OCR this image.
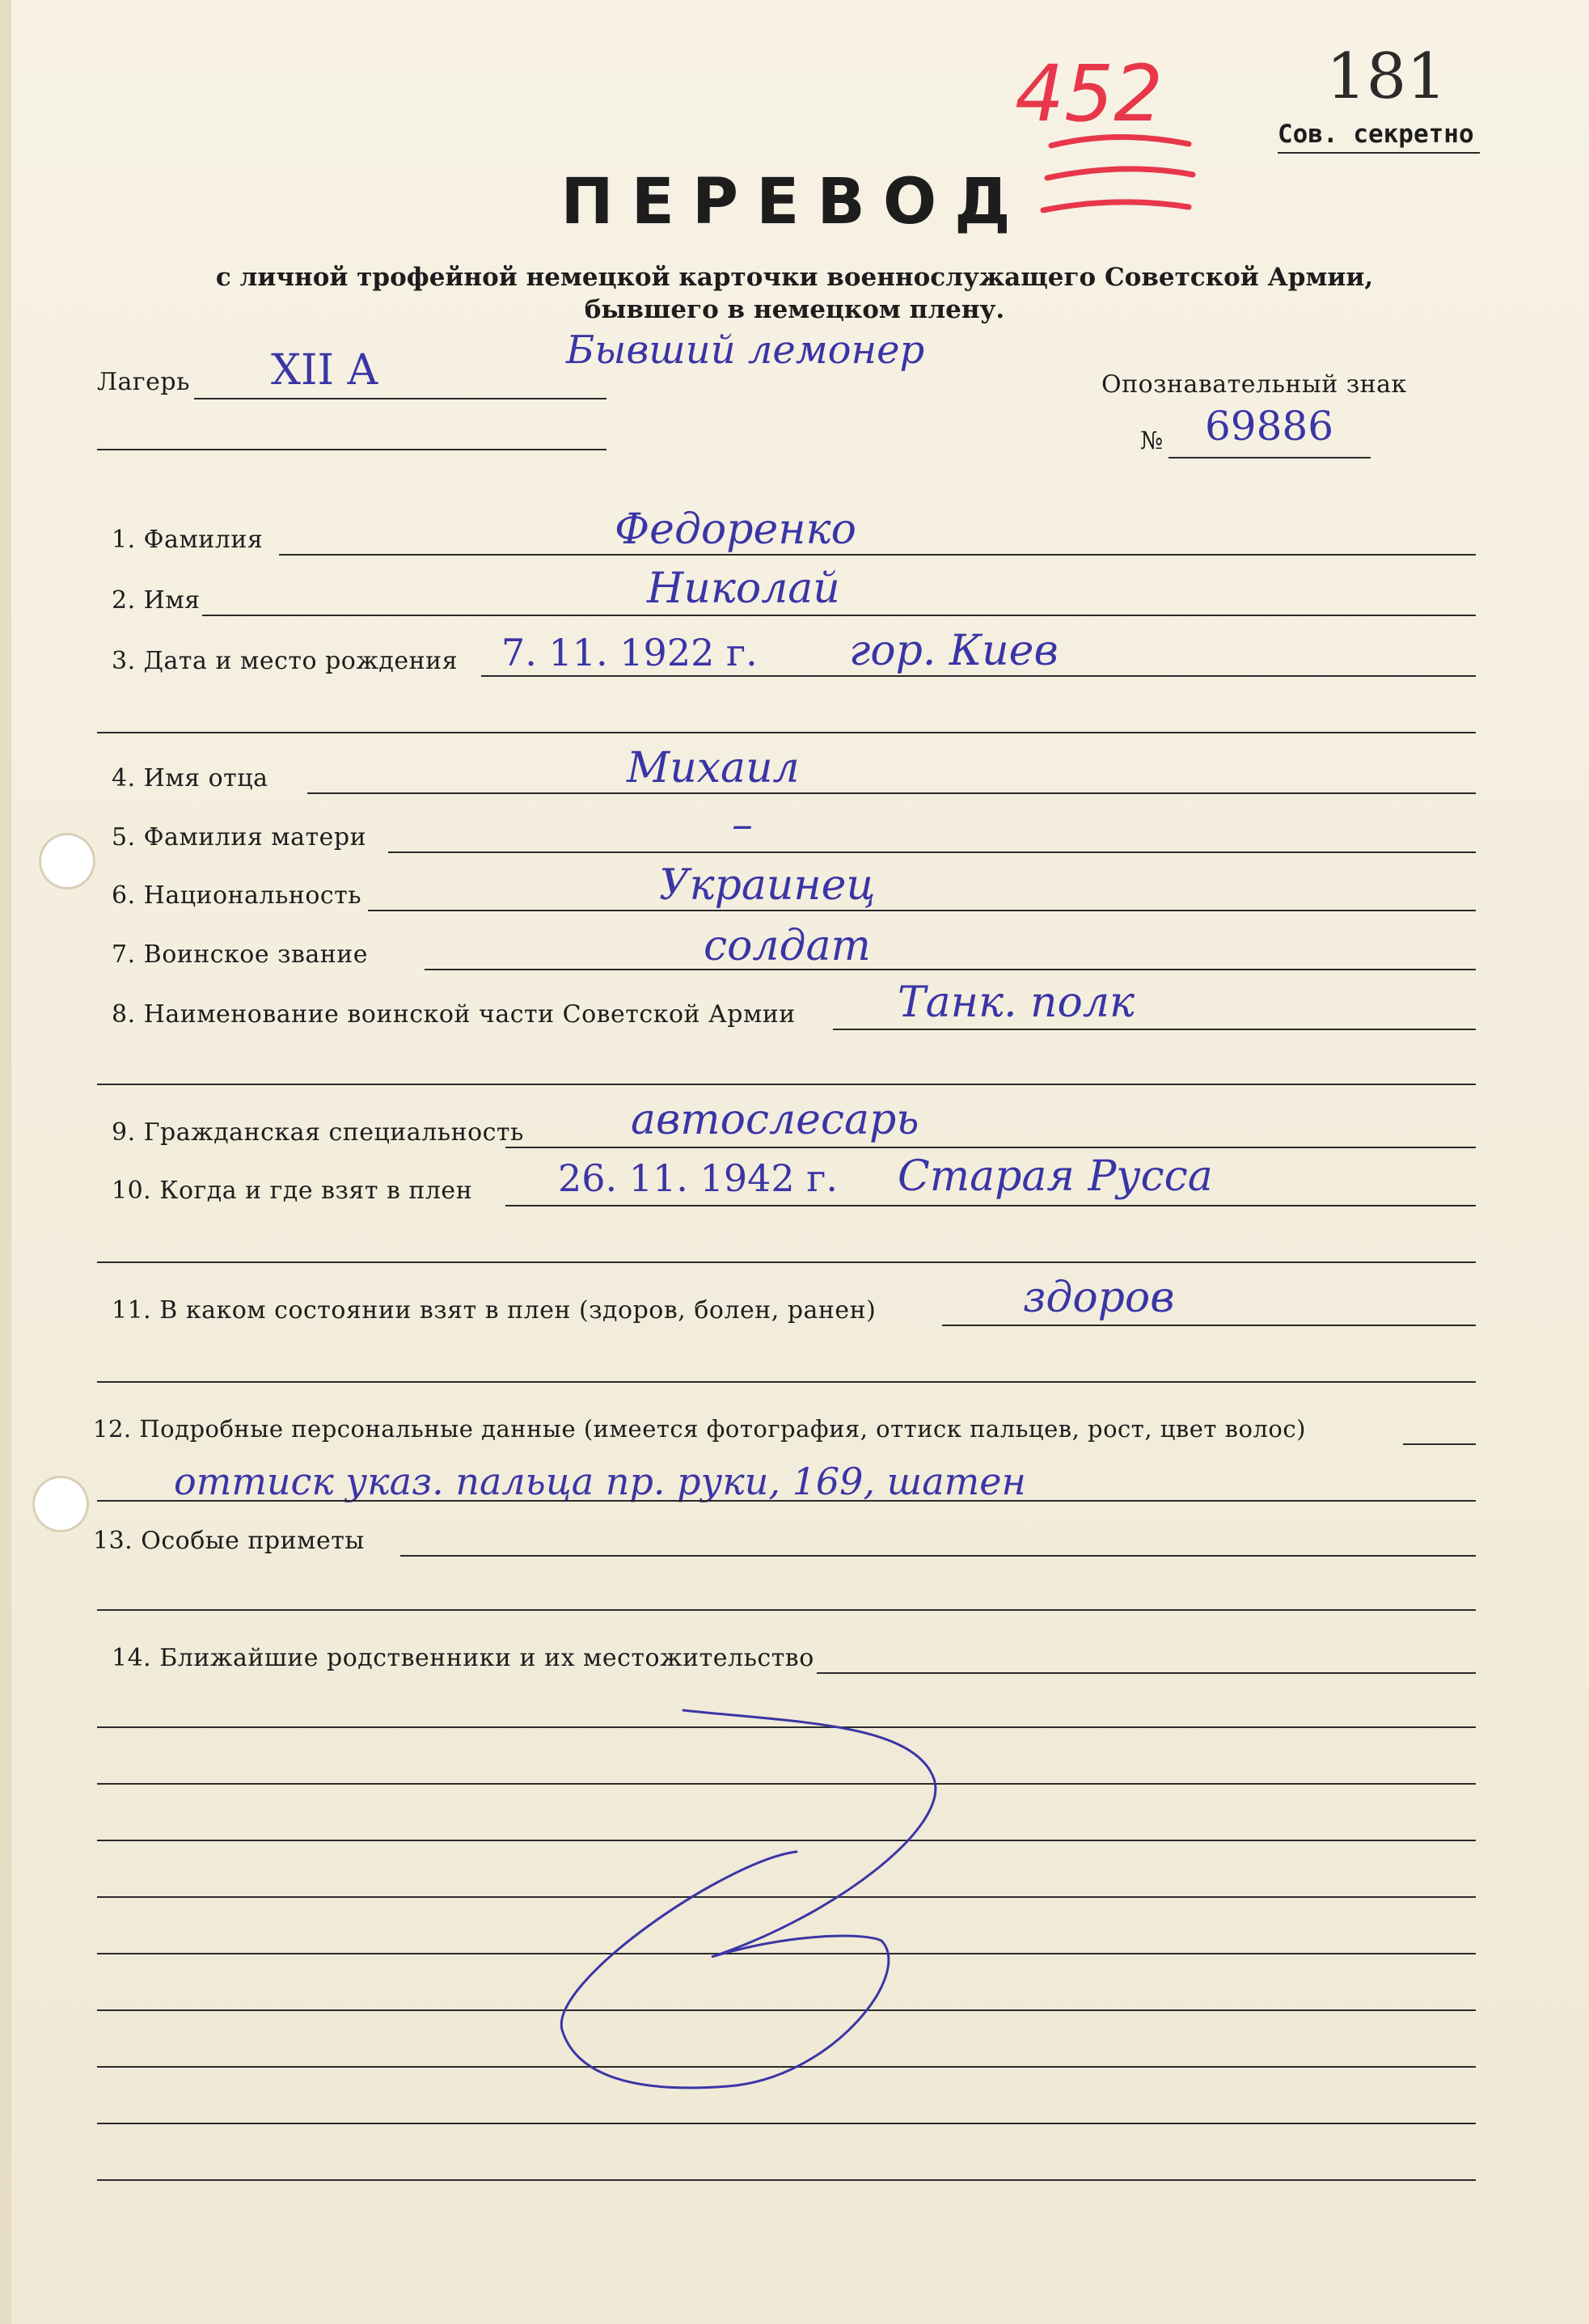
181
452	Сов. секретно
ПЕРЕВОД
с личной трофейной немецкой карточки военнослужащего Советской Армии,
бывшего в немецком плену.
Лагерь XII A	Бывший лемонер
Опознавательный знак
№ 69886
1. Фамилия	Федоренко
2. Имя	Николай
3. Дата и место рождения 7. 11. 1922 г. гор. Киев
4. Имя отца	Михаил
5. Фамилия матери	–
6. Национальность	Украинец
7. Воинское звание	солдат
8. Наименование воинской части Советской Армии Танк. полк
9. Гражданская специальность	автослесарь
10. Когда и где взят в плен 26. 11. 1942 г. Старая Русса
11. В каком состоянии взят в плен (здоров, болен, ранен)	здоров
12. Подробные персональные данные (имеется фотография, оттиск пальцев, рост, цвет волос)
оттиск указ. пальца пр. руки, 169, шатен
13. Особые приметы
14. Ближайшие родственники и их местожительство
